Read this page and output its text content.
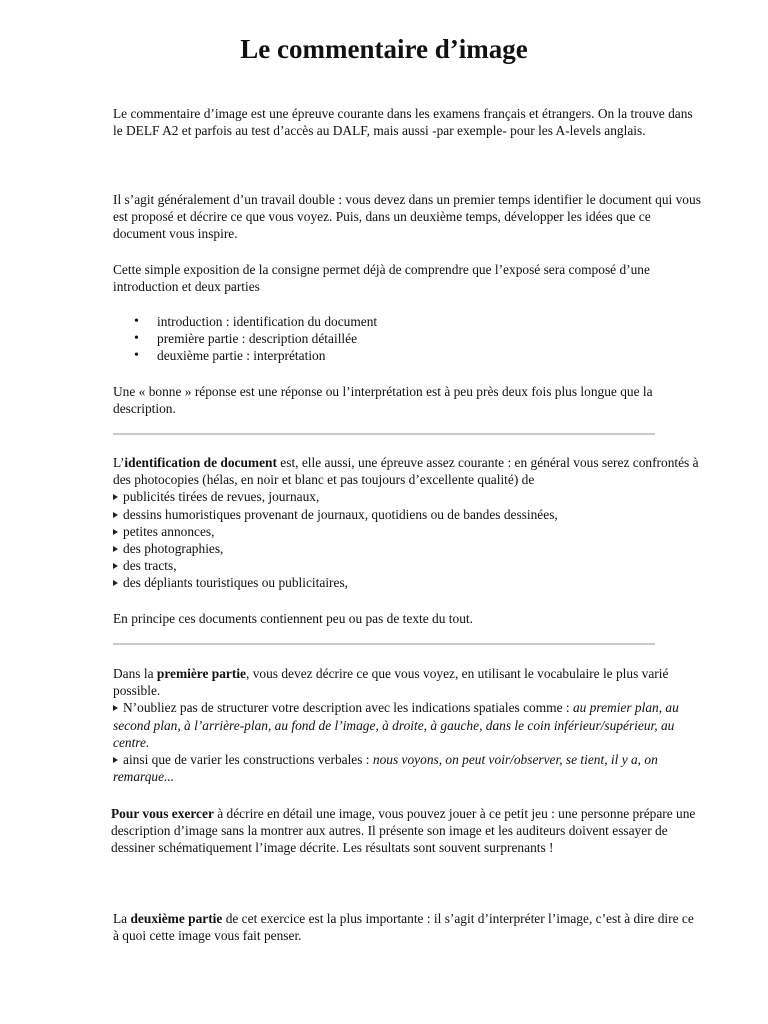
Le commentaire d’image

Le commentaire d’image est une épreuve courante dans les examens français et étrangers. On la trouve dans le DELF A2 et parfois au test d’accès au DALF, mais aussi -par exemple- pour les A-levels anglais.

Il s’agit généralement d’un travail double : vous devez dans un premier temps identifier le document qui vous est proposé et décrire ce que vous voyez. Puis, dans un deuxième temps, développer les idées que ce document vous inspire.

Cette simple exposition de la consigne permet déjà de comprendre que l’exposé sera composé d’une introduction et deux parties

• introduction : identification du document
• première partie : description détaillée
• deuxième partie : interprétation

Une « bonne » réponse est une réponse ou l’interprétation est à peu près deux fois plus longue que la description.

L’identification de document est, elle aussi, une épreuve assez courante : en général vous serez confrontés à des photocopies (hélas, en noir et blanc et pas toujours d’excellente qualité) de

publicités tirées de revues, journaux,
dessins humoristiques provenant de journaux, quotidiens ou de bandes dessinées,
petites annonces,
des photographies,
des tracts,
des dépliants touristiques ou publicitaires,

En principe ces documents contiennent peu ou pas de texte du tout.

Dans la première partie, vous devez décrire ce que vous voyez, en utilisant le vocabulaire le plus varié possible.

N’oubliez pas de structurer votre description avec les indications spatiales comme : au premier plan, au second plan, à l’arrière-plan, au fond de l’image, à droite, à gauche, dans le coin inférieur/supérieur, au centre.

ainsi que de varier les constructions verbales : nous voyons, on peut voir/observer, se tient, il y a, on remarque...

Pour vous exercer à décrire en détail une image, vous pouvez jouer à ce petit jeu : une personne prépare une description d’image sans la montrer aux autres. Il présente son image et les auditeurs doivent essayer de dessiner schématiquement l’image décrite. Les résultats sont souvent surprenants !

La deuxième partie de cet exercice est la plus importante : il s’agit d’interpréter l’image, c’est à dire dire ce à quoi cette image vous fait penser.
